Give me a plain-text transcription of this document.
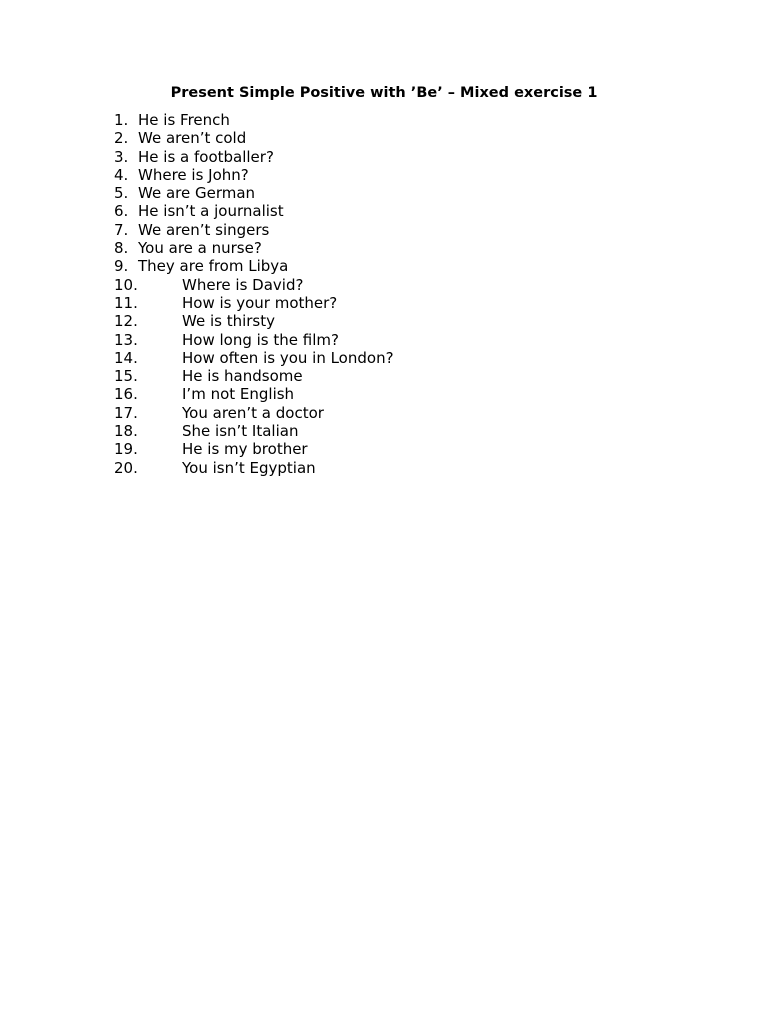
Present Simple Positive with ’Be’ – Mixed exercise 1
1. He is French
2. We aren’t cold
3. He is a footballer?
4. Where is John?
5. We are German
6. He isn’t a journalist
7. We aren’t singers
8. You are a nurse?
9. They are from Libya
10.	Where is David?
11.	How is your mother?
12.	We is thirsty
13.	How long is the film?
14.	How often is you in London?
15.	He is handsome
16.	I’m not English
17.	You aren’t a doctor
18.	She isn’t Italian
19.	He is my brother
20.	You isn’t Egyptian
